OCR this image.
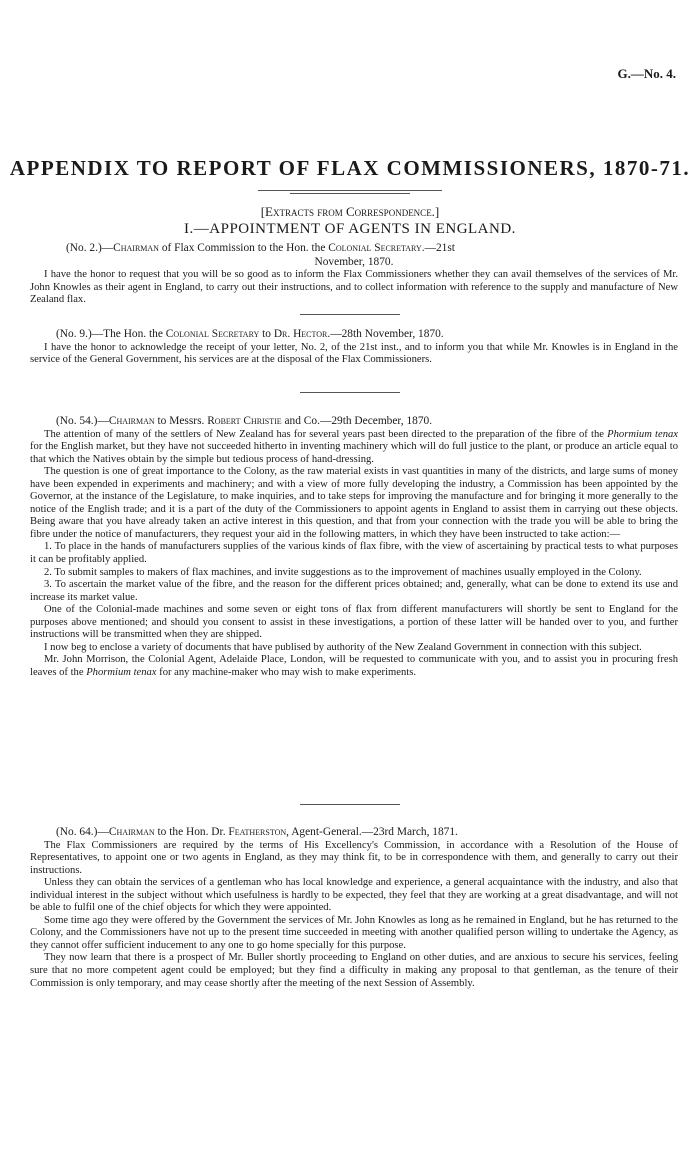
G.—No. 4.
APPENDIX TO REPORT OF FLAX COMMISSIONERS, 1870-71.
[Extracts from Correspondence.]
I.—APPOINTMENT OF AGENTS IN ENGLAND.

(No. 2.)—Chairman of Flax Commission to the Hon. the Colonial Secretary.—21st

November, 1870.

I have the honor to request that you will be so good as to inform the Flax Commissioners whether they can avail themselves of the services of Mr. John Knowles as their agent in England, to carry out their instructions, and to collect information with reference to the supply and manufacture of New Zealand flax.

(No. 9.)—The Hon. the Colonial Secretary to Dr. Hector.—28th November, 1870.

I have the honor to acknowledge the receipt of your letter, No. 2, of the 21st inst., and to inform you that while Mr. Knowles is in England in the service of the General Government, his services are at the disposal of the Flax Commissioners.

(No. 54.)—Chairman to Messrs. Robert Christie and Co.—29th December, 1870.

The attention of many of the settlers of New Zealand has for several years past been directed to the preparation of the fibre of the Phormium tenax for the English market, but they have not succeeded hitherto in inventing machinery which will do full justice to the plant, or produce an article equal to that which the Natives obtain by the simple but tedious process of hand-dressing.

The question is one of great importance to the Colony, as the raw material exists in vast quantities in many of the districts, and large sums of money have been expended in experiments and machinery; and with a view of more fully developing the industry, a Commission has been appointed by the Governor, at the instance of the Legislature, to make inquiries, and to take steps for improving the manufacture and for bringing it more generally to the notice of the English trade; and it is a part of the duty of the Commissioners to appoint agents in England to assist them in carrying out these objects. Being aware that you have already taken an active interest in this question, and that from your connection with the trade you will be able to bring the fibre under the notice of manufacturers, they request your aid in the following matters, in which they have been instructed to take action:—

1. To place in the hands of manufacturers supplies of the various kinds of flax fibre, with the view of ascertaining by practical tests to what purposes it can be profitably applied.

2. To submit samples to makers of flax machines, and invite suggestions as to the improvement of machines usually employed in the Colony.

3. To ascertain the market value of the fibre, and the reason for the different prices obtained; and, generally, what can be done to extend its use and increase its market value.

One of the Colonial-made machines and some seven or eight tons of flax from different manufacturers will shortly be sent to England for the purposes above mentioned; and should you consent to assist in these investigations, a portion of these latter will be handed over to you, and further instructions will be transmitted when they are shipped.

I now beg to enclose a variety of documents that have publised by authority of the New Zealand Government in connection with this subject.

Mr. John Morrison, the Colonial Agent, Adelaide Place, London, will be requested to communicate with you, and to assist you in procuring fresh leaves of the Phormium tenax for any machine-maker who may wish to make experiments.

(No. 64.)—Chairman to the Hon. Dr. Featherston, Agent-General.—23rd March, 1871.

The Flax Commissioners are required by the terms of His Excellency's Commission, in accordance with a Resolution of the House of Representatives, to appoint one or two agents in England, as they may think fit, to be in correspondence with them, and generally to carry out their instructions.

Unless they can obtain the services of a gentleman who has local knowledge and experience, a general acquaintance with the industry, and also that individual interest in the subject without which usefulness is hardly to be expected, they feel that they are working at a great disadvantage, and will not be able to fulfil one of the chief objects for which they were appointed.

Some time ago they were offered by the Government the services of Mr. John Knowles as long as he remained in England, but he has returned to the Colony, and the Commissioners have not up to the present time succeeded in meeting with another qualified person willing to undertake the Agency, as they cannot offer sufficient inducement to any one to go home specially for this purpose.

They now learn that there is a prospect of Mr. Buller shortly proceeding to England on other duties, and are anxious to secure his services, feeling sure that no more competent agent could be employed; but they find a difficulty in making any proposal to that gentleman, as the tenure of their Commission is only temporary, and may cease shortly after the meeting of the next Session of Assembly.
